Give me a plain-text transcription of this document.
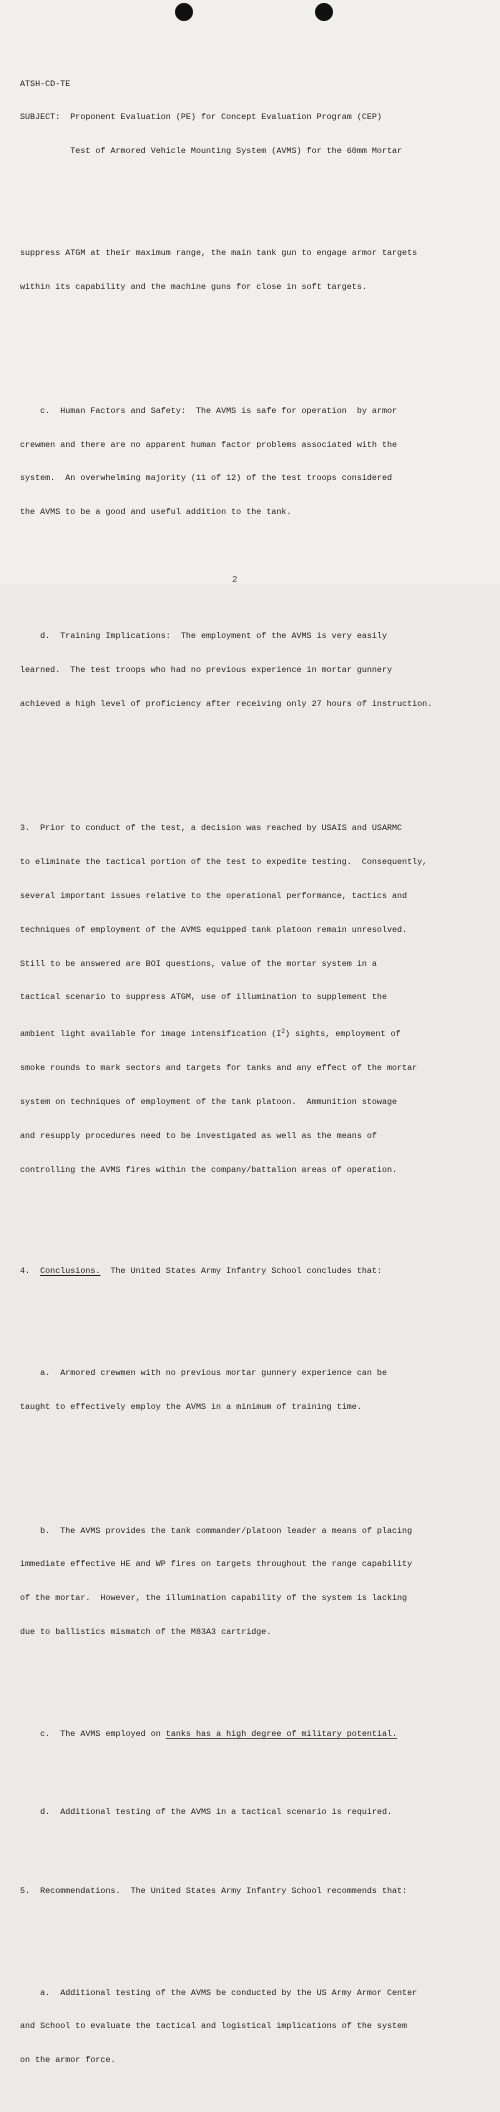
ATSH-CD-TE

SUBJECT:  Proponent Evaluation (PE) for Concept Evaluation Program (CEP)

Test of Armored Vehicle Mounting System (AVMS) for the 60mm Mortar

suppress ATGM at their maximum range, the main tank gun to engage armor targets

within its capability and the machine guns for close in soft targets.

c.  Human Factors and Safety:  The AVMS is safe for operation  by armor

crewmen and there are no apparent human factor problems associated with the

system.  An overwhelming majority (11 of 12) of the test troops considered

the AVMS to be a good and useful addition to the tank.

d.  Training Implications:  The employment of the AVMS is very easily

learned.  The test troops who had no previous experience in mortar gunnery

achieved a high level of proficiency after receiving only 27 hours of instruction.

3.  Prior to conduct of the test, a decision was reached by USAIS and USARMC

to eliminate the tactical portion of the test to expedite testing.  Consequently,

several important issues relative to the operational performance, tactics and

techniques of employment of the AVMS equipped tank platoon remain unresolved.

Still to be answered are BOI questions, value of the mortar system in a

tactical scenario to suppress ATGM, use of illumination to supplement the

ambient light available for image intensification $(I^2)$ sights, employment of

smoke rounds to mark sectors and targets for tanks and any effect of the mortar

system on techniques of employment of the tank platoon.  Ammunition stowage

and resupply procedures need to be investigated as well as the means of

controlling the AVMS fires within the company/battalion areas of operation.

4.  Conclusions.  The United States Army Infantry School concludes that:

a.  Armored crewmen with no previous mortar gunnery experience can be

taught to effectively employ the AVMS in a minimum of training time.

b.  The AVMS provides the tank commander/platoon leader a means of placing

immediate effective HE and WP fires on targets throughout the range capability

of the mortar.  However, the illumination capability of the system is lacking

due to ballistics mismatch of the M83A3 cartridge.

c.  The AVMS employed on tanks has a high degree of military potential.

d.  Additional testing of the AVMS in a tactical scenario is required.

5.  Recommendations.  The United States Army Infantry School recommends that:

a.  Additional testing of the AVMS be conducted by the US Army Armor Center

and School to evaluate the tactical and logistical implications of the system

on the armor force.

2
